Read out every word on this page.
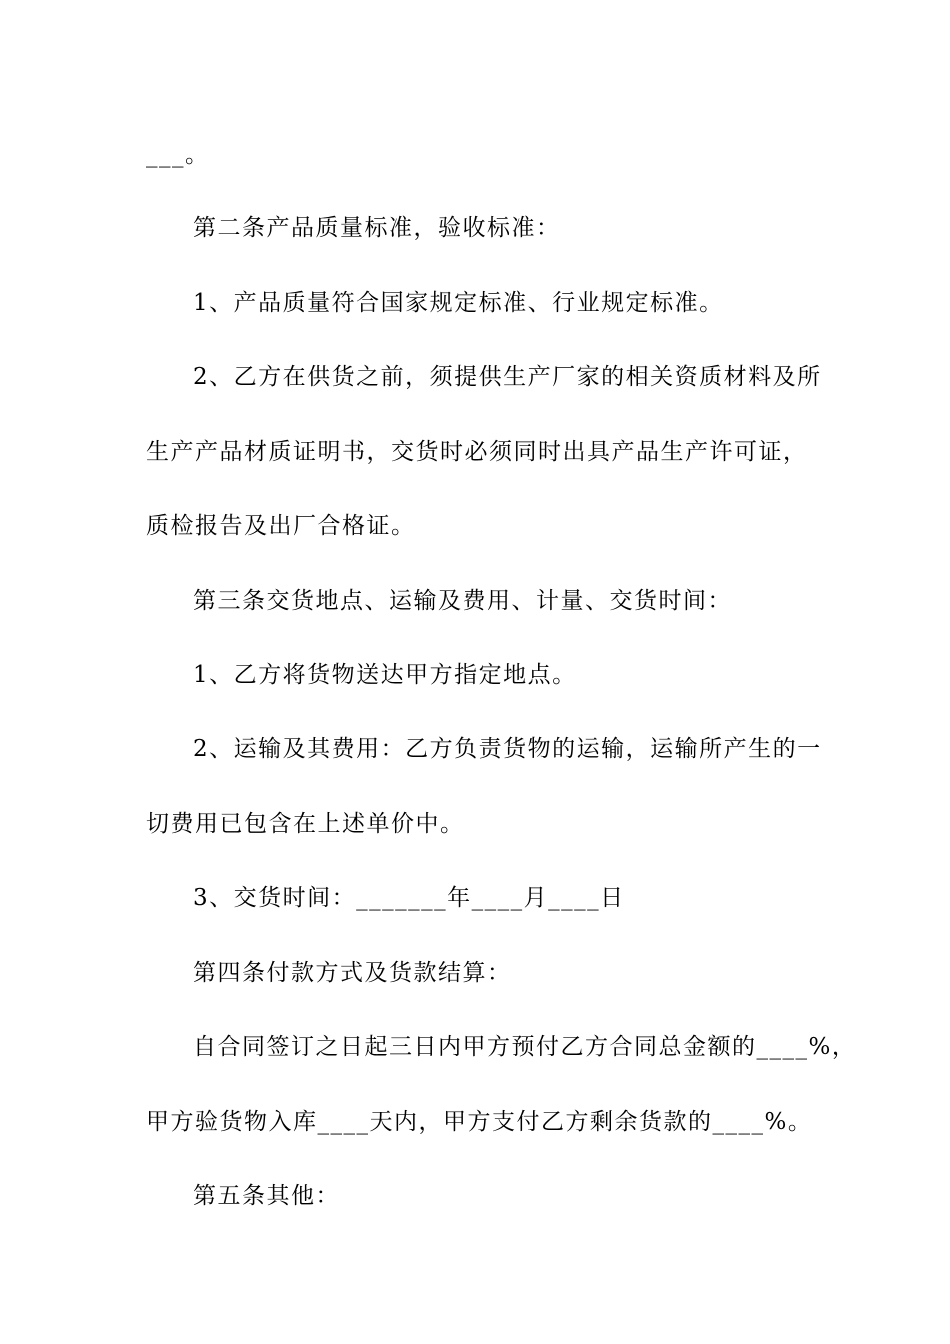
___。
第二条产品质量标准，验收标准：
1、产品质量符合国家规定标准、行业规定标准。
2、乙方在供货之前，须提供生产厂家的相关资质材料及所
生产产品材质证明书，交货时必须同时出具产品生产许可证，
质检报告及出厂合格证。
第三条交货地点、运输及费用、计量、交货时间：
1、乙方将货物送达甲方指定地点。
2、运输及其费用：乙方负责货物的运输，运输所产生的一
切费用已包含在上述单价中。
3、交货时间：_______年____月____日
第四条付款方式及货款结算：
自合同签订之日起三日内甲方预付乙方合同总金额的____%，
甲方验货物入库____天内，甲方支付乙方剩余货款的____%。
第五条其他：
